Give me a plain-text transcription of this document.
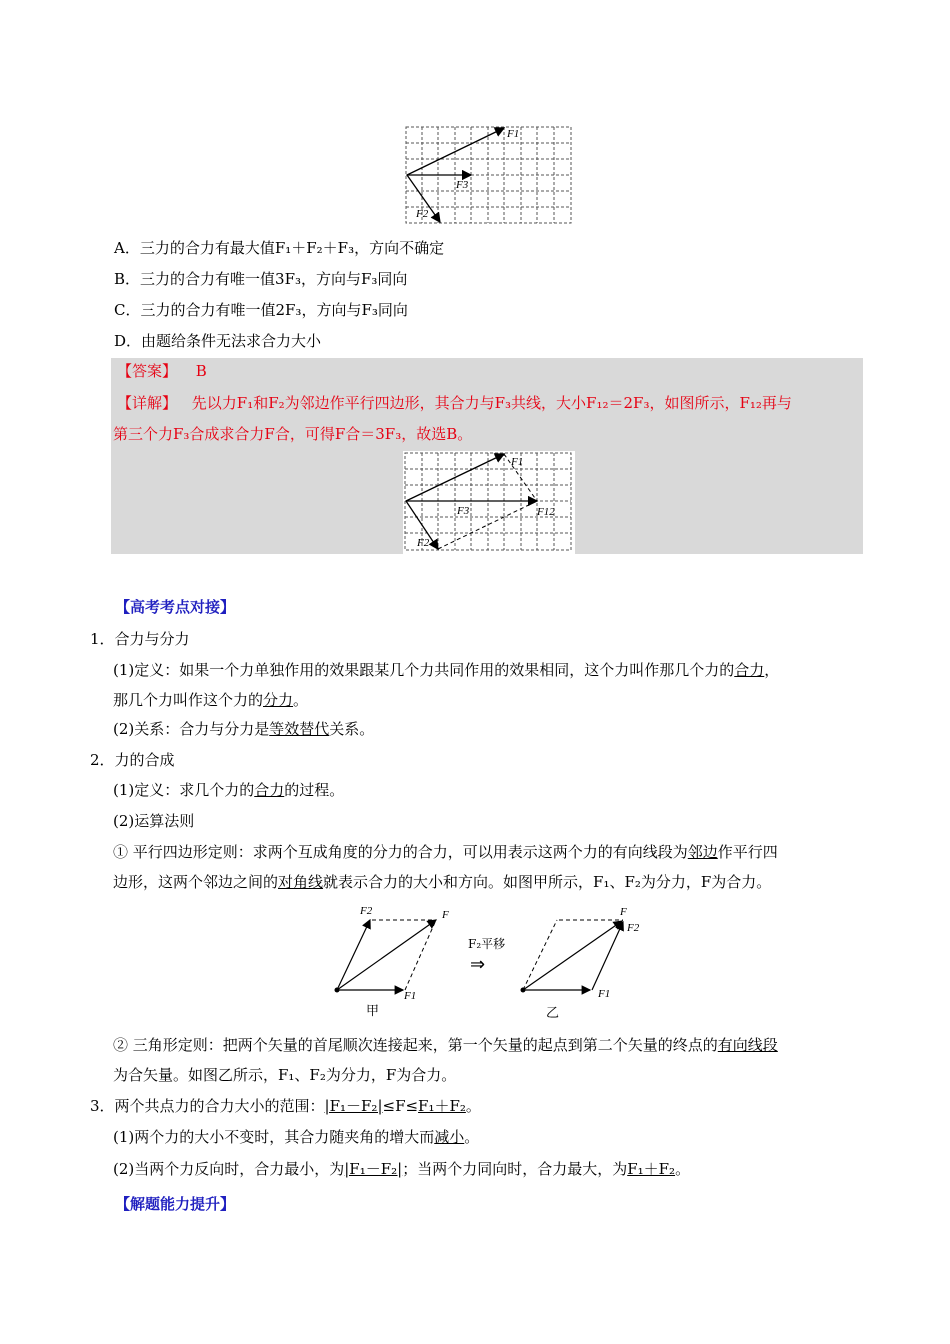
F1
F3
F2
A．三力的合力有最大值F₁＋F₂＋F₃，方向不确定
B．三力的合力有唯一值3F₃，方向与F₃同向
C．三力的合力有唯一值2F₃，方向与F₃同向
D．由题给条件无法求合力大小
【答案】 B
【详解】 先以力F₁和F₂为邻边作平行四边形，其合力与F₃共线，大小F₁₂＝2F₃，如图所示，F₁₂再与
第三个力F₃合成求合力F合，可得F合＝3F₃，故选B。
F1
F3	F12
F2
【高考考点对接】
1．合力与分力
(1)定义：如果一个力单独作用的效果跟某几个力共同作用的效果相同，这个力叫作那几个力的合力，
那几个力叫作这个力的分力。
(2)关系：合力与分力是等效替代关系。
2．力的合成
(1)定义：求几个力的合力的过程。
(2)运算法则
① 平行四边形定则：求两个互成角度的分力的合力，可以用表示这两个力的有向线段为邻边作平行四
边形，这两个邻边之间的对角线就表示合力的大小和方向。如图甲所示，F₁、F₂为分力，F为合力。
F2	F
F1
甲
F₂平移
⇒
F
F2
F1
乙
② 三角形定则：把两个矢量的首尾顺次连接起来，第一个矢量的起点到第二个矢量的终点的有向线段
为合矢量。如图乙所示，F₁、F₂为分力，F为合力。
3．两个共点力的合力大小的范围：|F₁－F₂|≤F≤F₁＋F₂。
(1)两个力的大小不变时，其合力随夹角的增大而减小。
(2)当两个力反向时，合力最小，为|F₁－F₂|；当两个力同向时，合力最大，为F₁＋F₂。
【解题能力提升】
